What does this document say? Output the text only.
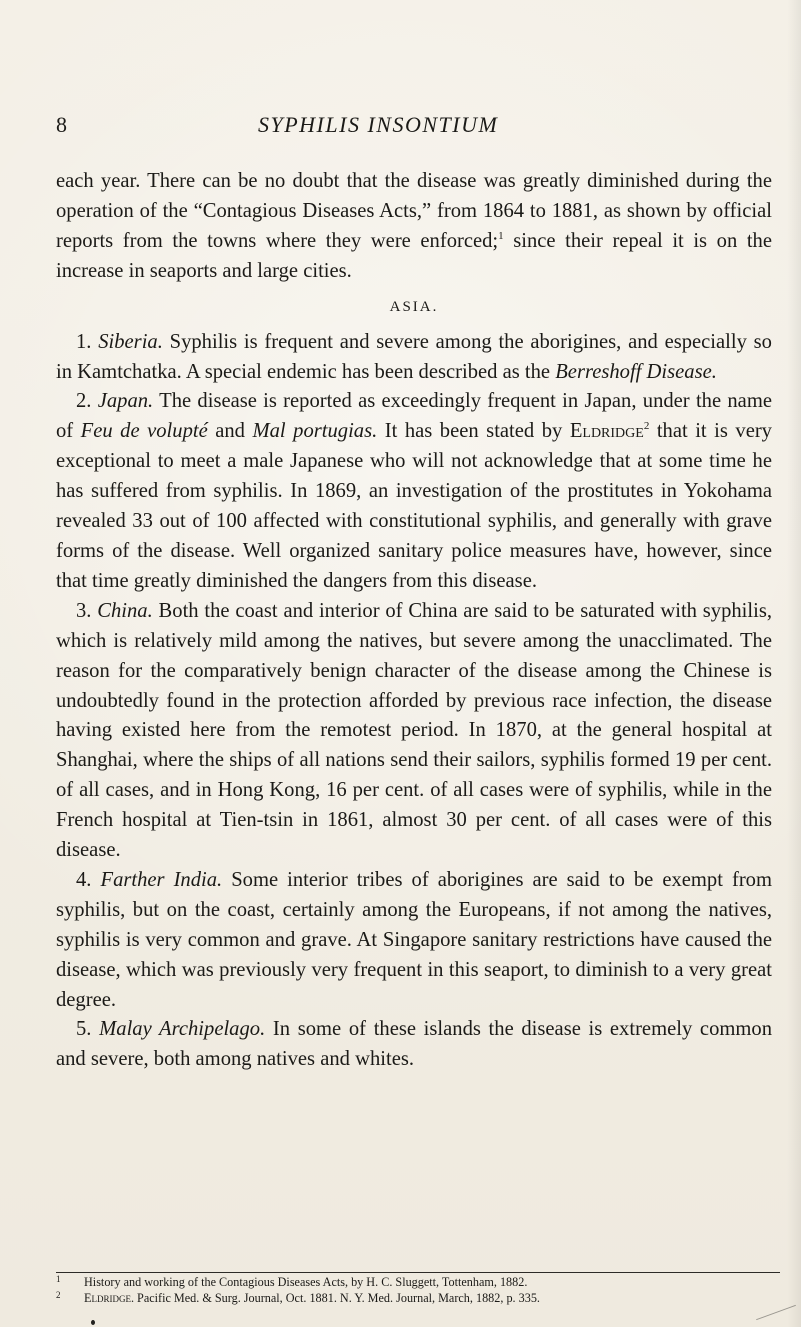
8	SYPHILIS INSONTIUM

each year. There can be no doubt that the disease was greatly diminished during the operation of the “Contagious Diseases Acts,” from 1864 to 1881, as shown by official reports from the towns where they were enforced;$^1$ since their repeal it is on the increase in seaports and large cities.

ASIA.

1. Siberia. Syphilis is frequent and severe among the aborigines, and especially so in Kamtchatka. A special endemic has been described as the Berreshoff Disease.

2. Japan. The disease is reported as exceedingly frequent in Japan, under the name of Feu de volupté and Mal portugias. It has been stated by Eldridge$^2$ that it is very exceptional to meet a male Japanese who will not acknowledge that at some time he has suffered from syphilis. In 1869, an investigation of the prostitutes in Yokohama revealed 33 out of 100 affected with constitutional syphilis, and generally with grave forms of the disease. Well organized sanitary police measures have, however, since that time greatly diminished the dangers from this disease.

3. China. Both the coast and interior of China are said to be saturated with syphilis, which is relatively mild among the natives, but severe among the unacclimated. The reason for the comparatively benign character of the disease among the Chinese is undoubtedly found in the protection afforded by previous race infection, the disease having existed here from the remotest period. In 1870, at the general hospital at Shanghai, where the ships of all nations send their sailors, syphilis formed 19 per cent. of all cases, and in Hong Kong, 16 per cent. of all cases were of syphilis, while in the French hospital at Tien-tsin in 1861, almost 30 per cent. of all cases were of this disease.

4. Farther India. Some interior tribes of aborigines are said to be exempt from syphilis, but on the coast, certainly among the Europeans, if not among the natives, syphilis is very common and grave. At Singapore sanitary restrictions have caused the disease, which was previously very frequent in this seaport, to diminish to a very great degree.

5. Malay Archipelago. In some of these islands the disease is extremely common and severe, both among natives and whites.

1 History and working of the Contagious Diseases Acts, by H. C. Sluggett, Tottenham, 1882.

2 Eldridge. Pacific Med. & Surg. Journal, Oct. 1881. N. Y. Med. Journal, March, 1882, p. 335.
